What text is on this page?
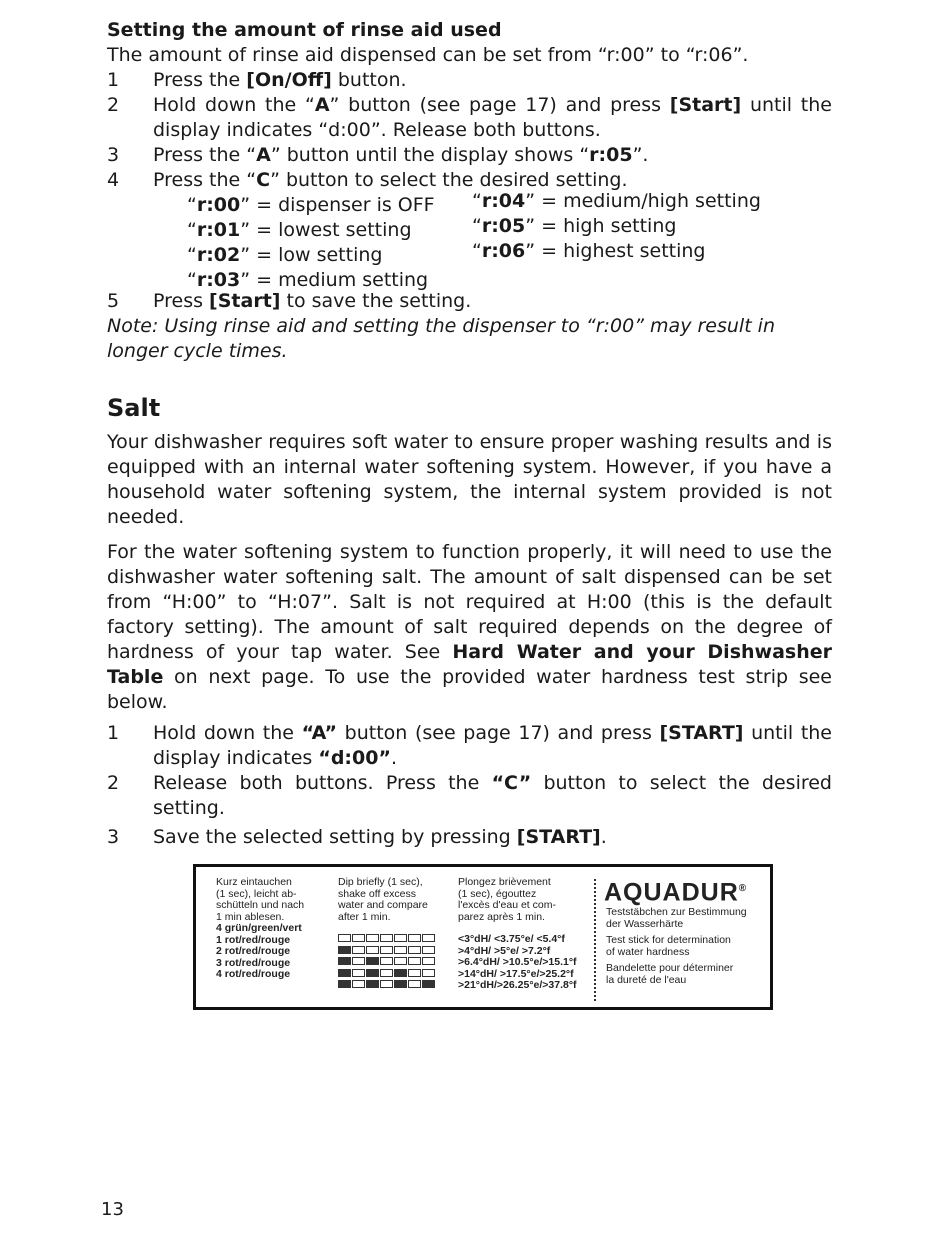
Setting the amount of rinse aid used

The amount of rinse aid dispensed can be set from “r:00” to “r:06”.

1	Press the [On/Off] button.
2	Hold down the “A” button (see page 17) and press [Start] until the display indicates “d:00”. Release both buttons.
3	Press the “A” button until the display shows “r:05”.
4	Press the “C” button to select the desired setting.
“r:00” = dispenser is OFF
“r:01” = lowest setting
“r:02” = low setting
“r:03” = medium setting
“r:04” = medium/high setting
“r:05” = high setting
“r:06” = highest setting
5	Press [Start] to save the setting.

Note: Using rinse aid and setting the dispenser to “r:00” may result in longer cycle times.

Salt

Your dishwasher requires soft water to ensure proper washing results and is equipped with an internal water softening system. However, if you have a household water softening system, the internal system provided is not needed.

For the water softening system to function properly, it will need to use the dishwasher water softening salt. The amount of salt dispensed can be set from “H:00” to “H:07”. Salt is not required at H:00 (this is the default factory setting). The amount of salt required depends on the degree of hardness of your tap water. See Hard Water and your Dishwasher Table on next page. To use the provided water hardness test strip see below.

1	Hold down the “A” button (see page 17) and press [START] until the display indicates “d:00”.
2	Release both buttons. Press the “C” button to select the desired setting.
3	Save the selected setting by pressing [START].
Kurz eintauchen
(1 sec), leicht ab-
schütteln und nach
1 min ablesen.
4 grün/green/vert
1 rot/red/rouge
2 rot/red/rouge
3 rot/red/rouge
4 rot/red/rouge
Dip briefly (1 sec),
shake off excess
water and compare
after 1 min.
Plongez brièvement
(1 sec), égouttez
l'excès d'eau et com-
parez après 1 min.
<3°dH/ <3.75°e/ <5.4°f
>4°dH/ >5°e/ >7.2°f
>6.4°dH/ >10.5°e/>15.1°f
>14°dH/ >17.5°e/>25.2°f
>21°dH/>26.25°e/>37.8°f
AQUADUR®
Teststäbchen zur Bestimmung
der Wasserhärte
Test stick for determination
of water hardness
Bandelette pour déterminer
la dureté de l'eau
13
